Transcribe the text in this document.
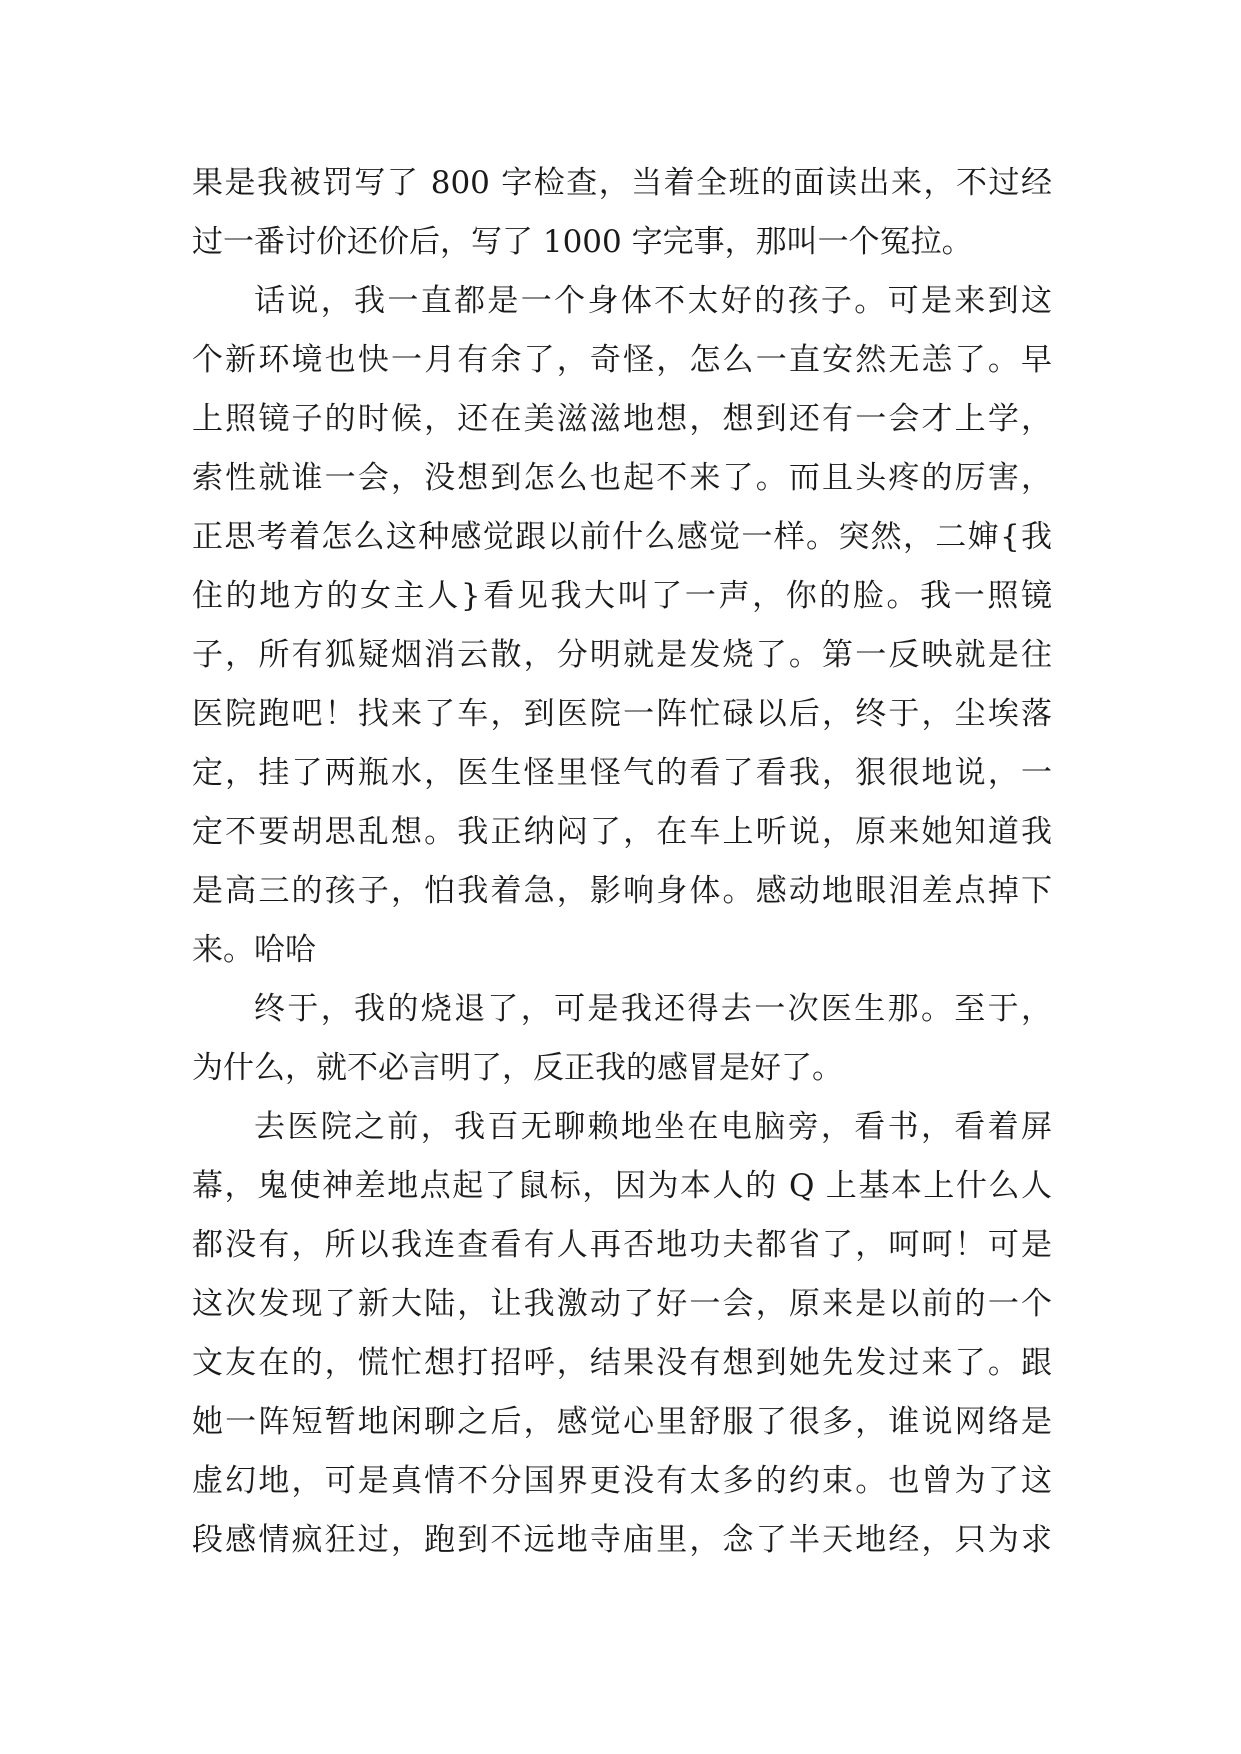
果是我被罚写了 800 字检查，当着全班的面读出来，不过经
过一番讨价还价后，写了 1000 字完事，那叫一个冤拉。
话说，我一直都是一个身体不太好的孩子。可是来到这
个新环境也快一月有余了，奇怪，怎么一直安然无恙了。早
上照镜子的时候，还在美滋滋地想，想到还有一会才上学，
索性就谁一会，没想到怎么也起不来了。而且头疼的厉害，
正思考着怎么这种感觉跟以前什么感觉一样。突然，二婶{我
住的地方的女主人}看见我大叫了一声，你的脸。我一照镜
子，所有狐疑烟消云散，分明就是发烧了。第一反映就是往
医院跑吧！找来了车，到医院一阵忙碌以后，终于，尘埃落
定，挂了两瓶水，医生怪里怪气的看了看我，狠很地说，一
定不要胡思乱想。我正纳闷了，在车上听说，原来她知道我
是高三的孩子，怕我着急，影响身体。感动地眼泪差点掉下
来。哈哈
终于，我的烧退了，可是我还得去一次医生那。至于，
为什么，就不必言明了，反正我的感冒是好了。
去医院之前，我百无聊赖地坐在电脑旁，看书，看着屏
幕，鬼使神差地点起了鼠标，因为本人的 Q 上基本上什么人
都没有，所以我连查看有人再否地功夫都省了，呵呵！可是
这次发现了新大陆，让我激动了好一会，原来是以前的一个
文友在的，慌忙想打招呼，结果没有想到她先发过来了。跟
她一阵短暂地闲聊之后，感觉心里舒服了很多，谁说网络是
虚幻地，可是真情不分国界更没有太多的约束。也曾为了这
段感情疯狂过，跑到不远地寺庙里，念了半天地经，只为求
